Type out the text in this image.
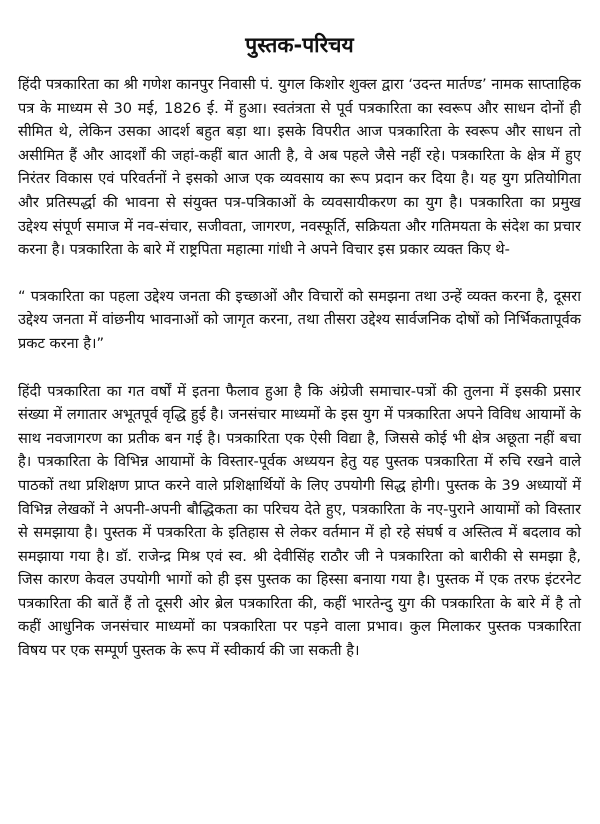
पुस्तक-परिचय

हिंदी पत्रकारिता का श्री गणेश कानपुर निवासी पं. युगल किशोर शुक्ल द्वारा ‘उदन्त मार्तण्ड’ नामक साप्ताहिक पत्र के माध्यम से 30 मई, 1826 ई. में हुआ। स्वतंत्रता से पूर्व पत्रकारिता का स्वरूप और साधन दोनों ही सीमित थे, लेकिन उसका आदर्श बहुत बड़ा था। इसके विपरीत आज पत्रकारिता के स्वरूप और साधन तो असीमित हैं और आदर्शों की जहां-कहीं बात आती है, वे अब पहले जैसे नहीं रहे। पत्रकारिता के क्षेत्र में हुए निरंतर विकास एवं परिवर्तनों ने इसको आज एक व्यवसाय का रूप प्रदान कर दिया है। यह युग प्रतियोगिता और प्रतिस्पर्द्धा की भावना से संयुक्त पत्र-पत्रिकाओं के व्यवसायीकरण का युग है। पत्रकारिता का प्रमुख उद्देश्य संपूर्ण समाज में नव-संचार, सजीवता, जागरण, नवस्फूर्ति, सक्रियता और गतिमयता के संदेश का प्रचार करना है। पत्रकारिता के बारे में राष्ट्रपिता महात्मा गांधी ने अपने विचार इस प्रकार व्यक्त किए थे-

“ पत्रकारिता का पहला उद्देश्य जनता की इच्छाओं और विचारों को समझना तथा उन्हें व्यक्त करना है, दूसरा उद्देश्य जनता में वांछनीय भावनाओं को जागृत करना, तथा तीसरा उद्देश्य सार्वजनिक दोषों को निर्भिकतापूर्वक प्रकट करना है।”

हिंदी पत्रकारिता का गत वर्षों में इतना फैलाव हुआ है कि अंग्रेजी समाचार-पत्रों की तुलना में इसकी प्रसार संख्या में लगातार अभूतपूर्व वृद्धि हुई है। जनसंचार माध्यमों के इस युग में पत्रकारिता अपने विविध आयामों के साथ नवजागरण का प्रतीक बन गई है। पत्रकारिता एक ऐसी विद्या है, जिससे कोई भी क्षेत्र अछूता नहीं बचा है। पत्रकारिता के विभिन्न आयामों के विस्तार-पूर्वक अध्ययन हेतु यह पुस्तक पत्रकारिता में रुचि रखने वाले पाठकों तथा प्रशिक्षण प्राप्त करने वाले प्रशिक्षार्थियों के लिए उपयोगी सिद्ध होगी। पुस्तक के 39 अध्यायों में विभिन्न लेखकों ने अपनी-अपनी बौद्धिकता का परिचय देते हुए, पत्रकारिता के नए-पुराने आयामों को विस्तार से समझाया है। पुस्तक में पत्रकरिता के इतिहास से लेकर वर्तमान में हो रहे संघर्ष व अस्तित्व में बदलाव को समझाया गया है। डॉ. राजेन्द्र मिश्र एवं स्व. श्री देवीसिंह राठौर जी ने पत्रकारिता को बारीकी से समझा है, जिस कारण केवल उपयोगी भागों को ही इस पुस्तक का हिस्सा बनाया गया है। पुस्तक में एक तरफ इंटरनेट पत्रकारिता की बातें हैं तो दूसरी ओर ब्रेल पत्रकारिता की, कहीं भारतेन्दु युग की पत्रकारिता के बारे में है तो कहीं आधुनिक जनसंचार माध्यमों का पत्रकारिता पर पड़ने वाला प्रभाव। कुल मिलाकर पुस्तक पत्रकारिता विषय पर एक सम्पूर्ण पुस्तक के रूप में स्वीकार्य की जा सकती है।
